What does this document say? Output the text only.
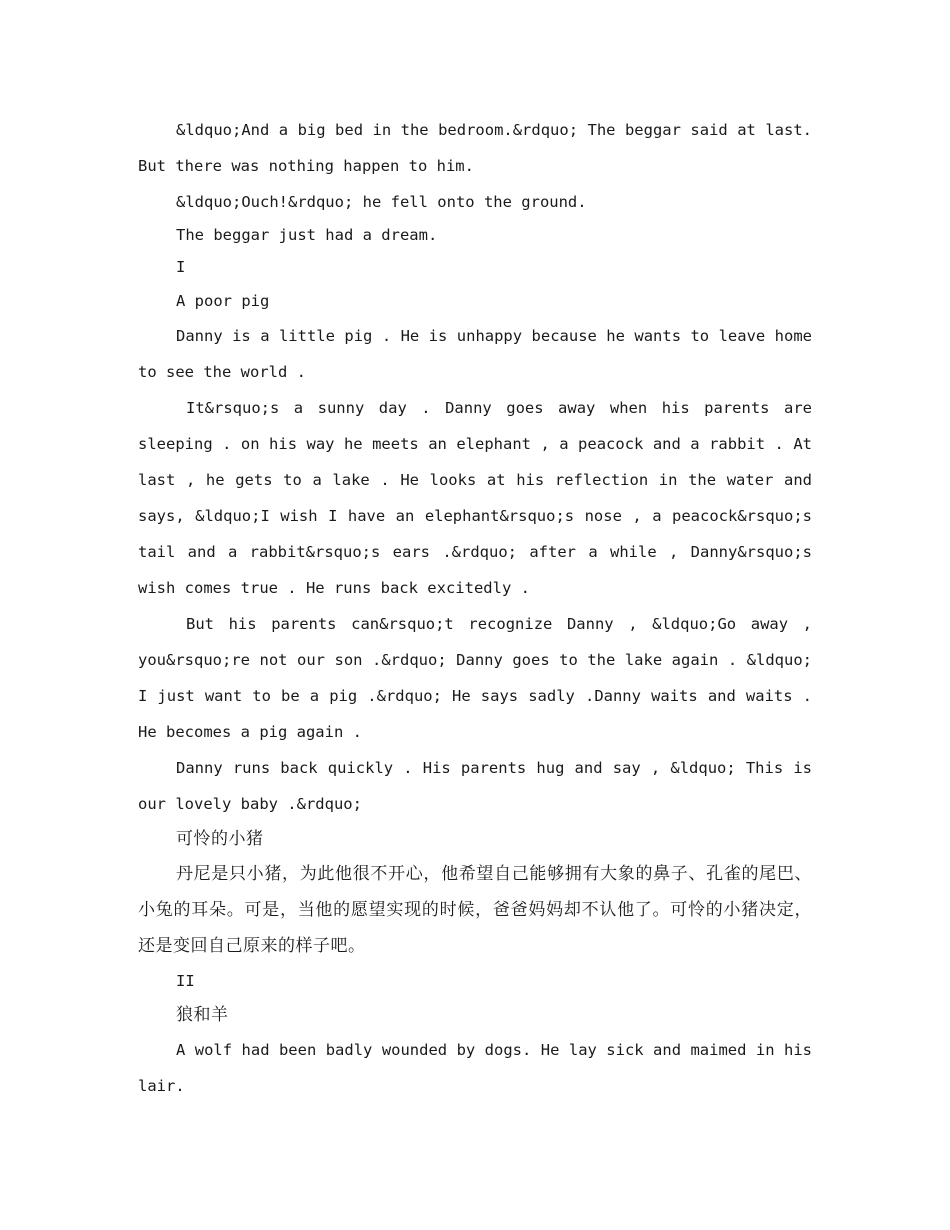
&ldquo;And a big bed in the bedroom.&rdquo; The beggar said at last. But there was nothing happen to him.

&ldquo;Ouch!&rdquo; he fell onto the ground.

The beggar just had a dream.

I

A poor pig

Danny is a little pig . He is unhappy because he wants to leave home to see the world .

It&rsquo;s a sunny day . Danny goes away when his parents are sleeping . on his way he meets an elephant , a peacock and a rabbit . At last , he gets to a lake . He looks at his reflection in the water and says, &ldquo;I wish I have an elephant&rsquo;s nose , a peacock&rsquo;s tail and a rabbit&rsquo;s ears .&rdquo; after a while , Danny&rsquo;s wish comes true . He runs back excitedly .

But his parents can&rsquo;t recognize Danny , &ldquo;Go away , you&rsquo;re not our son .&rdquo; Danny goes to the lake again . &ldquo; I just want to be a pig .&rdquo; He says sadly .Danny waits and waits . He becomes a pig again .

Danny runs back quickly . His parents hug and say , &ldquo; This is our lovely baby .&rdquo;

可怜的小猪

丹尼是只小猪，为此他很不开心，他希望自己能够拥有大象的鼻子、孔雀的尾巴、小兔的耳朵。可是，当他的愿望实现的时候，爸爸妈妈却不认他了。可怜的小猪决定，还是变回自己原来的样子吧。

II

狼和羊

A wolf had been badly wounded by dogs. He lay sick and maimed in his lair.
